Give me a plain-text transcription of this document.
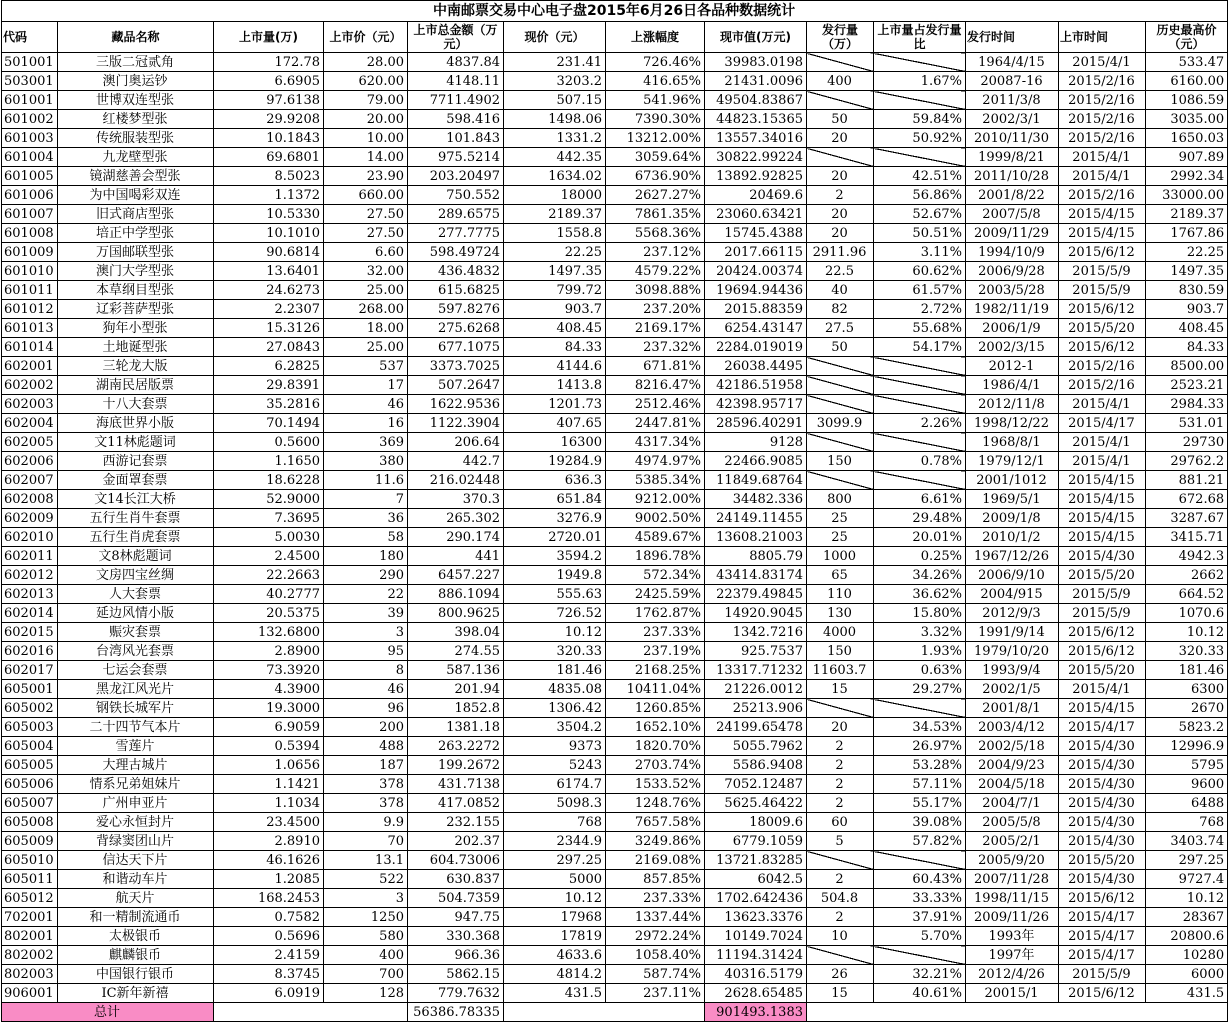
中南邮票交易中心电子盘2015年6月26日各品种数据统计												
代码	藏品名称	上市量(万)	上市价（元）	上市总金额（万元）	现价（元）	上涨幅度	现市值(万元)	发行量（万）	上市量占发行量比	发行时间	上市时间	历史最高价（元）
501001	三版二冠贰角	172.78	28.00	4837.84	231.41	726.46%	39983.0198			1964/4/15	2015/4/1	533.47
503001	澳门奥运钞	6.6905	620.00	4148.11	3203.2	416.65%	21431.0096	400	1.67%	20087-16	2015/2/16	6160.00
601001	世博双连型张	97.6138	79.00	7711.4902	507.15	541.96%	49504.83867			2011/3/8	2015/2/16	1086.59
601002	红楼梦型张	29.9208	20.00	598.416	1498.06	7390.30%	44823.15365	50	59.84%	2002/3/1	2015/2/16	3035.00
601003	传统服装型张	10.1843	10.00	101.843	1331.2	13212.00%	13557.34016	20	50.92%	2010/11/30	2015/2/16	1650.03
601004	九龙壁型张	69.6801	14.00	975.5214	442.35	3059.64%	30822.99224			1999/8/21	2015/4/1	907.89
601005	镜湖慈善会型张	8.5023	23.90	203.20497	1634.02	6736.90%	13892.92825	20	42.51%	2011/10/28	2015/4/1	2992.34
601006	为中国喝彩双连	1.1372	660.00	750.552	18000	2627.27%	20469.6	2	56.86%	2001/8/22	2015/2/16	33000.00
601007	旧式商店型张	10.5330	27.50	289.6575	2189.37	7861.35%	23060.63421	20	52.67%	2007/5/8	2015/4/15	2189.37
601008	培正中学型张	10.1010	27.50	277.7775	1558.8	5568.36%	15745.4388	20	50.51%	2009/11/29	2015/4/15	1767.86
601009	万国邮联型张	90.6814	6.60	598.49724	22.25	237.12%	2017.66115	2911.96	3.11%	1994/10/9	2015/6/12	22.25
601010	澳门大学型张	13.6401	32.00	436.4832	1497.35	4579.22%	20424.00374	22.5	60.62%	2006/9/28	2015/5/9	1497.35
601011	本草纲目型张	24.6273	25.00	615.6825	799.72	3098.88%	19694.94436	40	61.57%	2003/5/28	2015/5/9	830.59
601012	辽彩菩萨型张	2.2307	268.00	597.8276	903.7	237.20%	2015.88359	82	2.72%	1982/11/19	2015/6/12	903.7
601013	狗年小型张	15.3126	18.00	275.6268	408.45	2169.17%	6254.43147	27.5	55.68%	2006/1/9	2015/5/20	408.45
601014	土地诞型张	27.0843	25.00	677.1075	84.33	237.32%	2284.019019	50	54.17%	2002/3/15	2015/6/12	84.33
602001	三轮龙大版	6.2825	537	3373.7025	4144.6	671.81%	26038.4495			2012-1	2015/2/16	8500.00
602002	湖南民居版票	29.8391	17	507.2647	1413.8	8216.47%	42186.51958			1986/4/1	2015/2/16	2523.21
602003	十八大套票	35.2816	46	1622.9536	1201.73	2512.46%	42398.95717			2012/11/8	2015/4/1	2984.33
602004	海底世界小版	70.1494	16	1122.3904	407.65	2447.81%	28596.40291	3099.9	2.26%	1998/12/22	2015/4/17	531.01
602005	文11林彪题词	0.5600	369	206.64	16300	4317.34%	9128			1968/8/1	2015/4/1	29730
602006	西游记套票	1.1650	380	442.7	19284.9	4974.97%	22466.9085	150	0.78%	1979/12/1	2015/4/1	29762.2
602007	金面罩套票	18.6228	11.6	216.02448	636.3	5385.34%	11849.68764			2001/1012	2015/4/15	881.21
602008	文14长江大桥	52.9000	7	370.3	651.84	9212.00%	34482.336	800	6.61%	1969/5/1	2015/4/15	672.68
602009	五行生肖牛套票	7.3695	36	265.302	3276.9	9002.50%	24149.11455	25	29.48%	2009/1/8	2015/4/15	3287.67
602010	五行生肖虎套票	5.0030	58	290.174	2720.01	4589.67%	13608.21003	25	20.01%	2010/1/2	2015/4/15	3415.71
602011	文8林彪题词	2.4500	180	441	3594.2	1896.78%	8805.79	1000	0.25%	1967/12/26	2015/4/30	4942.3
602012	文房四宝丝绸	22.2663	290	6457.227	1949.8	572.34%	43414.83174	65	34.26%	2006/9/10	2015/5/20	2662
602013	人大套票	40.2777	22	886.1094	555.63	2425.59%	22379.49845	110	36.62%	2004/915	2015/5/9	664.52
602014	延边风情小版	20.5375	39	800.9625	726.52	1762.87%	14920.9045	130	15.80%	2012/9/3	2015/5/9	1070.6
602015	赈灾套票	132.6800	3	398.04	10.12	237.33%	1342.7216	4000	3.32%	1991/9/14	2015/6/12	10.12
602016	台湾风光套票	2.8900	95	274.55	320.33	237.19%	925.7537	150	1.93%	1979/10/20	2015/6/12	320.33
602017	七运会套票	73.3920	8	587.136	181.46	2168.25%	13317.71232	11603.7	0.63%	1993/9/4	2015/5/20	181.46
605001	黑龙江风光片	4.3900	46	201.94	4835.08	10411.04%	21226.0012	15	29.27%	2002/1/5	2015/4/1	6300
605002	钢铁长城军片	19.3000	96	1852.8	1306.42	1260.85%	25213.906			2001/8/1	2015/4/15	2670
605003	二十四节气本片	6.9059	200	1381.18	3504.2	1652.10%	24199.65478	20	34.53%	2003/4/12	2015/4/17	5823.2
605004	雪莲片	0.5394	488	263.2272	9373	1820.70%	5055.7962	2	26.97%	2002/5/18	2015/4/30	12996.9
605005	大理古城片	1.0656	187	199.2672	5243	2703.74%	5586.9408	2	53.28%	2004/9/23	2015/4/30	5795
605006	情系兄弟姐妹片	1.1421	378	431.7138	6174.7	1533.52%	7052.12487	2	57.11%	2004/5/18	2015/4/30	9600
605007	广州申亚片	1.1034	378	417.0852	5098.3	1248.76%	5625.46422	2	55.17%	2004/7/1	2015/4/30	6488
605008	爱心永恒封片	23.4500	9.9	232.155	768	7657.58%	18009.6	60	39.08%	2005/5/8	2015/4/30	768
605009	背绿窦团山片	2.8910	70	202.37	2344.9	3249.86%	6779.1059	5	57.82%	2005/2/1	2015/4/30	3403.74
605010	信达天下片	46.1626	13.1	604.73006	297.25	2169.08%	13721.83285			2005/9/20	2015/5/20	297.25
605011	和谐动车片	1.2085	522	630.837	5000	857.85%	6042.5	2	60.43%	2007/11/28	2015/4/30	9727.4
605012	航天片	168.2453	3	504.7359	10.12	237.33%	1702.642436	504.8	33.33%	1998/11/15	2015/6/12	10.12
702001	和一精制流通币	0.7582	1250	947.75	17968	1337.44%	13623.3376	2	37.91%	2009/11/26	2015/4/17	28367
802001	太极银币	0.5696	580	330.368	17819	2972.24%	10149.7024	10	5.70%	1993年	2015/4/17	20800.6
802002	麒麟银币	2.4159	400	966.36	4633.6	1058.40%	11194.31424			1997年	2015/4/17	10280
802003	中国银行银币	8.3745	700	5862.15	4814.2	587.74%	40316.5179	26	32.21%	2012/4/26	2015/5/9	6000
906001	IC新年新禧	6.0919	128	779.7632	431.5	237.11%	2628.65485	15	40.61%	20015/1	2015/6/12	431.5
总计				56386.78335			901493.1383					
